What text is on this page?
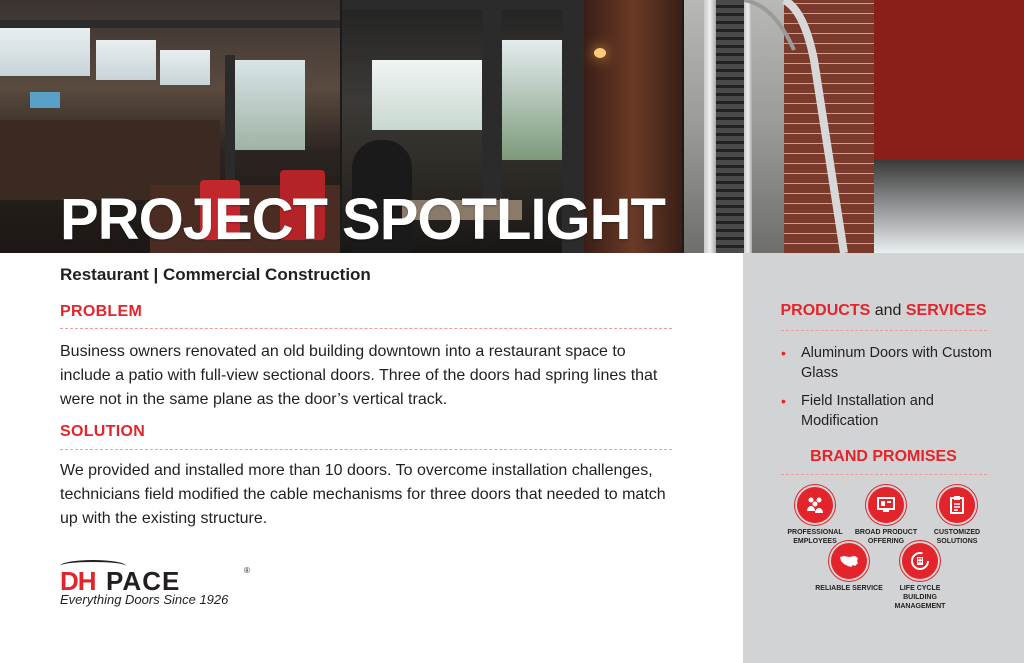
PROJECT SPOTLIGHT
Restaurant | Commercial Construction
PROBLEM
Business owners renovated an old building downtown into a restaurant space to include a patio with full-view sectional doors. Three of the doors had spring lines that were not in the same plane as the door’s vertical track.
SOLUTION
We provided and installed more than 10 doors. To overcome installation challenges, technicians field modified the cable mechanisms for three doors that needed to match up with the existing structure.
DH PACE	®
Everything Doors Since 1926
PRODUCTS and SERVICES
• Aluminum Doors with Custom Glass
• Field Installation and Modification
BRAND PROMISES
PROFESSIONAL EMPLOYEES
BROAD PRODUCT OFFERING
CUSTOMIZED SOLUTIONS
RELIABLE SERVICE	LIFE CYCLE BUILDING MANAGEMENT
